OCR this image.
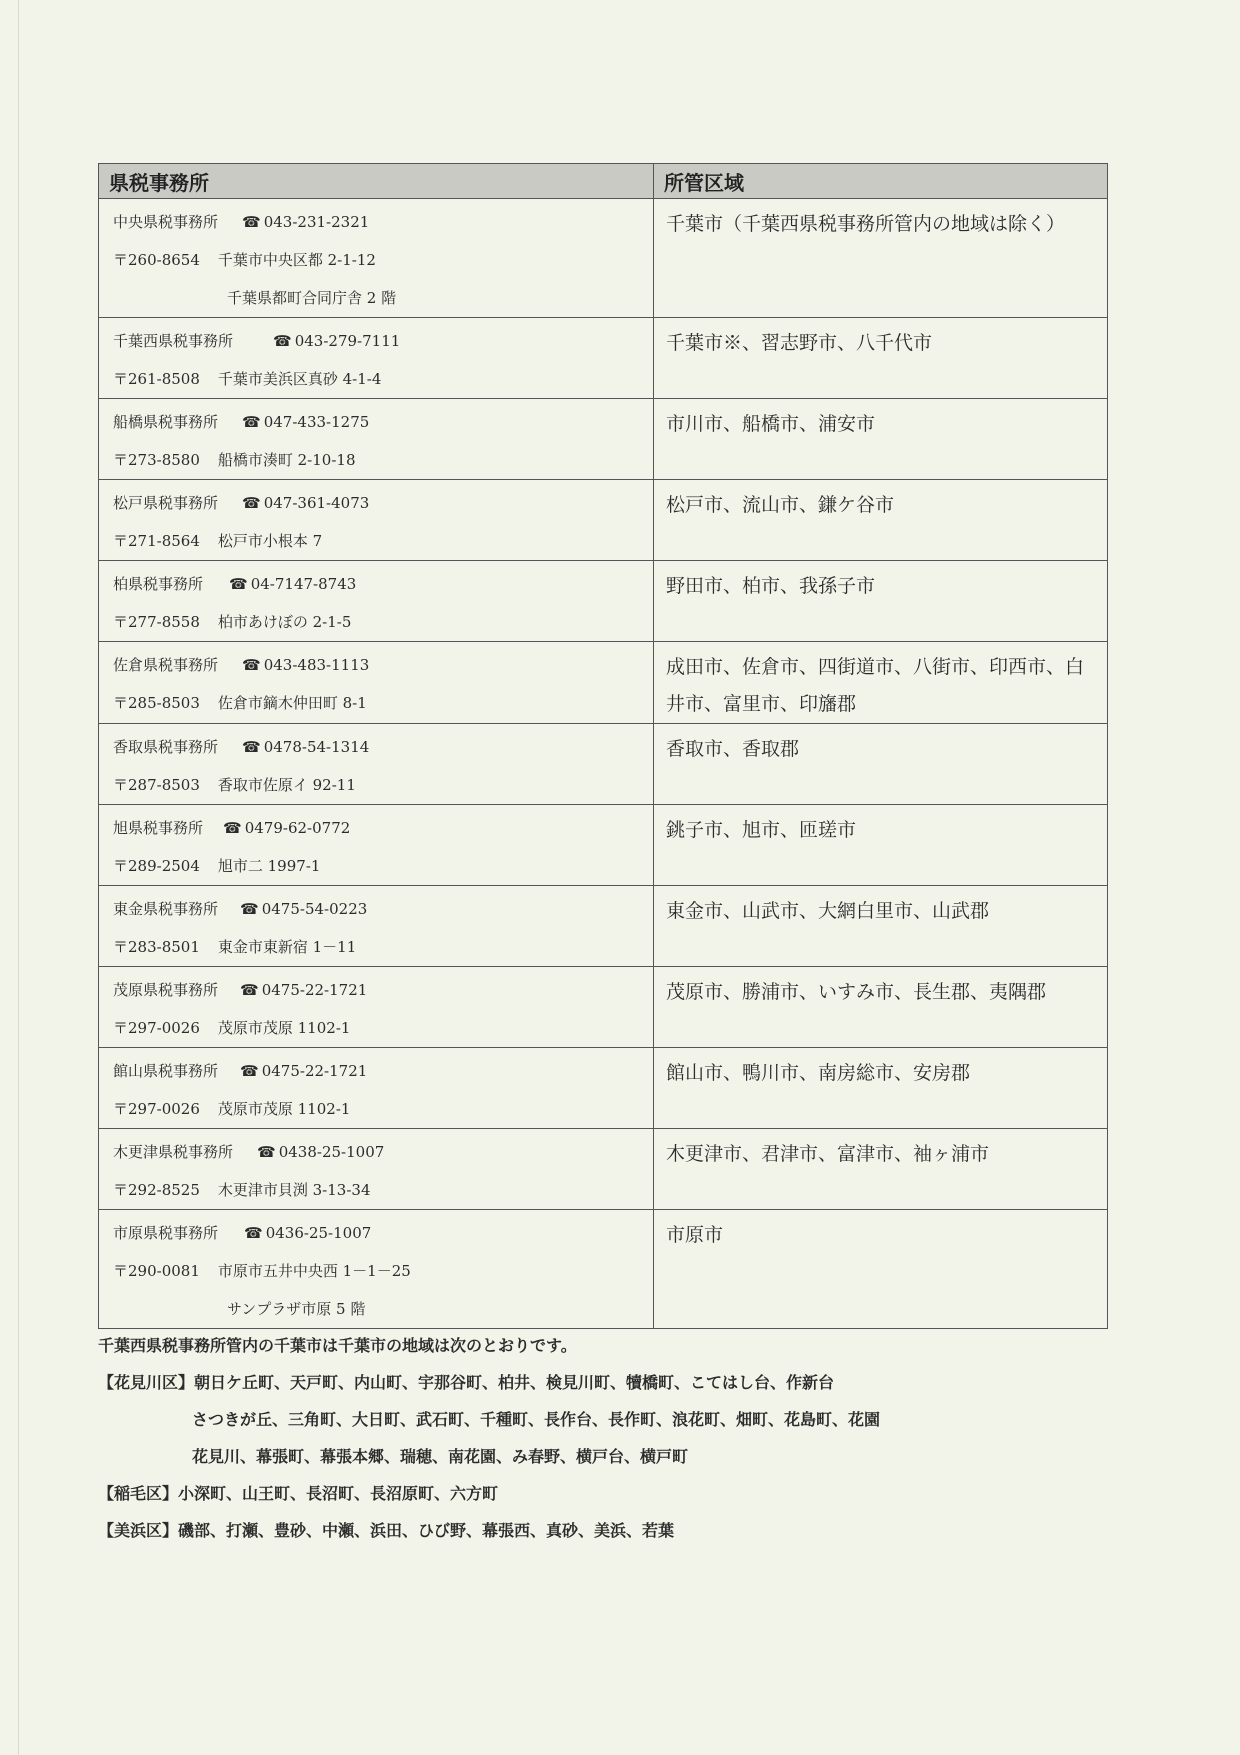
県税事務所	所管区域

中央県税事務所 ☎ 043-231-2321
〒260-8654 千葉市中央区都 2-1-12
千葉県都町合同庁舎 2 階	千葉市（千葉西県税事務所管内の地域は除く）

千葉西県税事務所 ☎ 043-279-7111
〒261-8508 千葉市美浜区真砂 4-1-4	千葉市※、習志野市、八千代市

船橋県税事務所 ☎ 047-433-1275
〒273-8580 船橋市湊町 2-10-18	市川市、船橋市、浦安市

松戸県税事務所 ☎ 047-361-4073
〒271-8564 松戸市小根本 7	松戸市、流山市、鎌ケ谷市

柏県税事務所 ☎ 04-7147-8743
〒277-8558 柏市あけぼの 2-1-5	野田市、柏市、我孫子市

佐倉県税事務所 ☎ 043-483-1113
〒285-8503 佐倉市鏑木仲田町 8-1	成田市、佐倉市、四街道市、八街市、印西市、白井市、富里市、印旛郡

香取県税事務所 ☎ 0478-54-1314
〒287-8503 香取市佐原イ 92-11	香取市、香取郡

旭県税事務所 ☎ 0479-62-0772
〒289-2504 旭市二 1997-1	銚子市、旭市、匝瑳市

東金県税事務所 ☎ 0475-54-0223
〒283-8501 東金市東新宿 1－11	東金市、山武市、大網白里市、山武郡

茂原県税事務所 ☎ 0475-22-1721
〒297-0026 茂原市茂原 1102-1	茂原市、勝浦市、いすみ市、長生郡、夷隅郡

館山県税事務所 ☎ 0475-22-1721
〒297-0026 茂原市茂原 1102-1	館山市、鴨川市、南房総市、安房郡

木更津県税事務所 ☎ 0438-25-1007
〒292-8525 木更津市貝渕 3-13-34	木更津市、君津市、富津市、袖ヶ浦市

市原県税事務所 ☎ 0436-25-1007
〒290-0081 市原市五井中央西 1－1－25
サンプラザ市原 5 階	市原市
千葉西県税事務所管内の千葉市は千葉市の地域は次のとおりです。
【花見川区】朝日ケ丘町、天戸町、内山町、宇那谷町、柏井、検見川町、犢橋町、こてはし台、作新台
さつきが丘、三角町、大日町、武石町、千種町、長作台、長作町、浪花町、畑町、花島町、花園
花見川、幕張町、幕張本郷、瑞穂、南花園、み春野、横戸台、横戸町
【稲毛区】小深町、山王町、長沼町、長沼原町、六方町
【美浜区】磯部、打瀬、豊砂、中瀬、浜田、ひび野、幕張西、真砂、美浜、若葉
